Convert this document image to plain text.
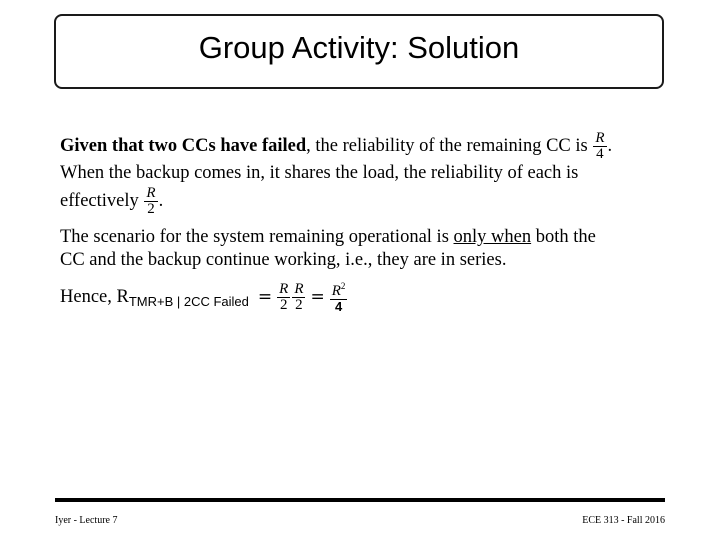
Group Activity: Solution
Given that two CCs have failed, the reliability of the remaining CC is $\frac{R}{4}$ .
When the backup comes in, it shares the load, the reliability of each is
effectively $\frac{R}{2}$ .
The scenario for the system remaining operational is only when both the
CC and the backup continue working, i.e., they are in series.
Hence, $R_{TMR+B | 2CC Failed} = \frac{R}{2} \frac{R}{2} = \frac{R^2}{4}$
Iyer - Lecture 7	ECE 313 - Fall 2016
